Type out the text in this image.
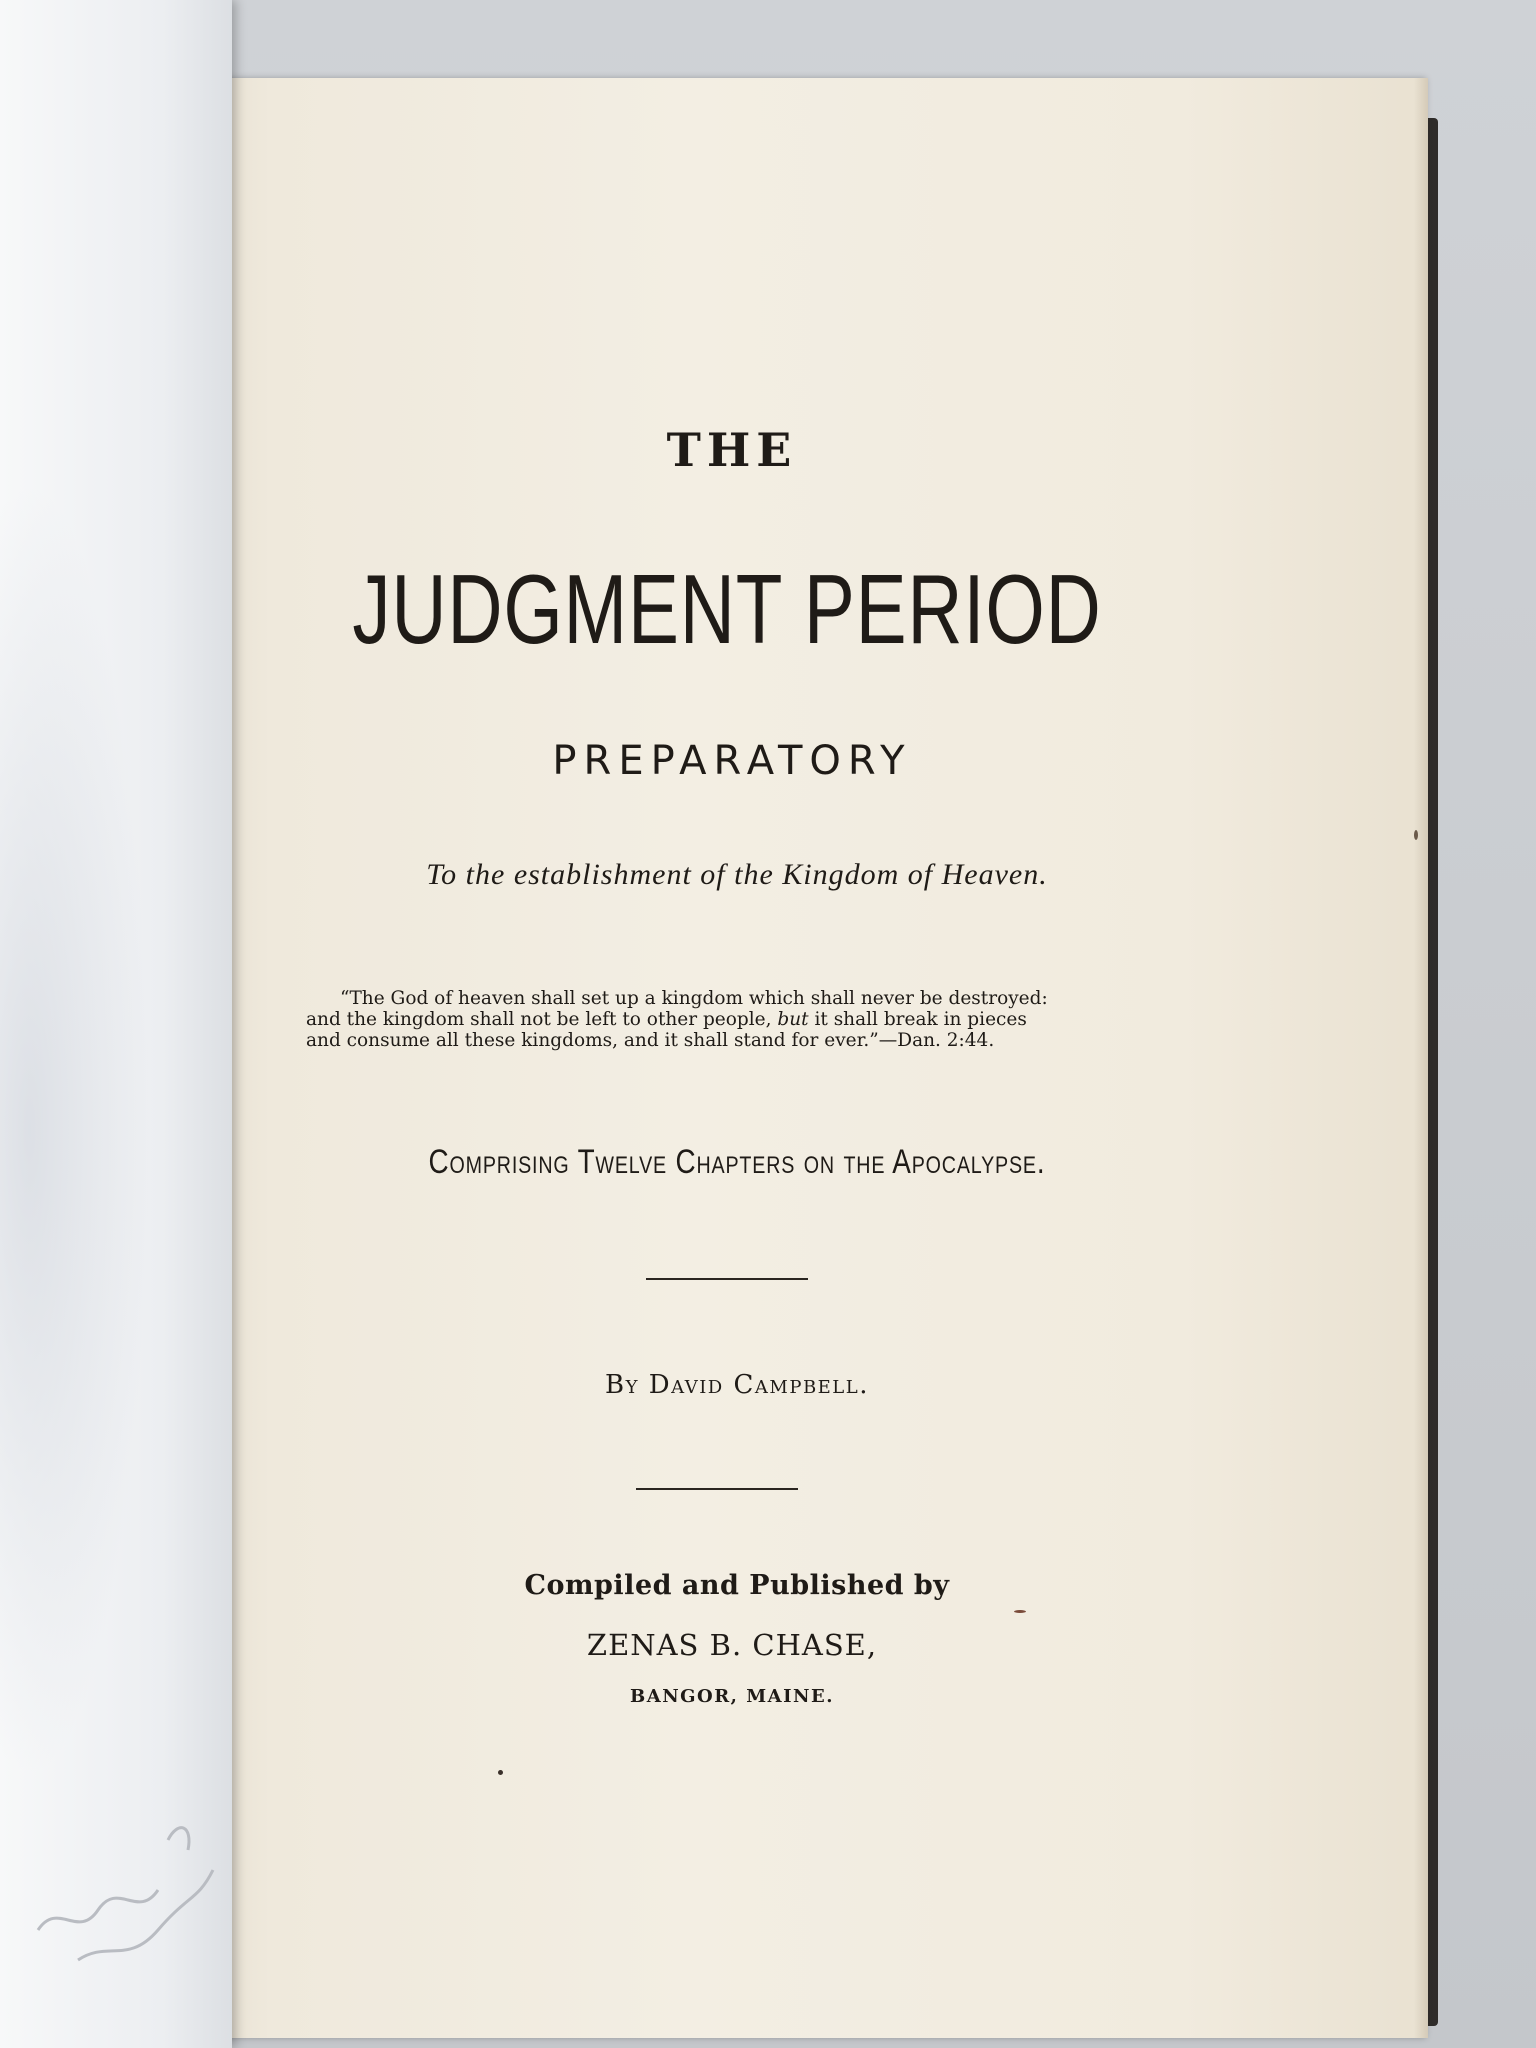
THE
JUDGMENT PERIOD
PREPARATORY
To the establishment of the Kingdom of Heaven.
“The God of heaven shall set up a kingdom which shall never be destroyed:
and the kingdom shall not be left to other people, but it shall break in pieces
and consume all these kingdoms, and it shall stand for ever.”—Dan. 2:44.
Comprising Twelve Chapters on the Apocalypse.
By David Campbell.
Compiled and Published by
ZENAS B. CHASE,
BANGOR, MAINE.
